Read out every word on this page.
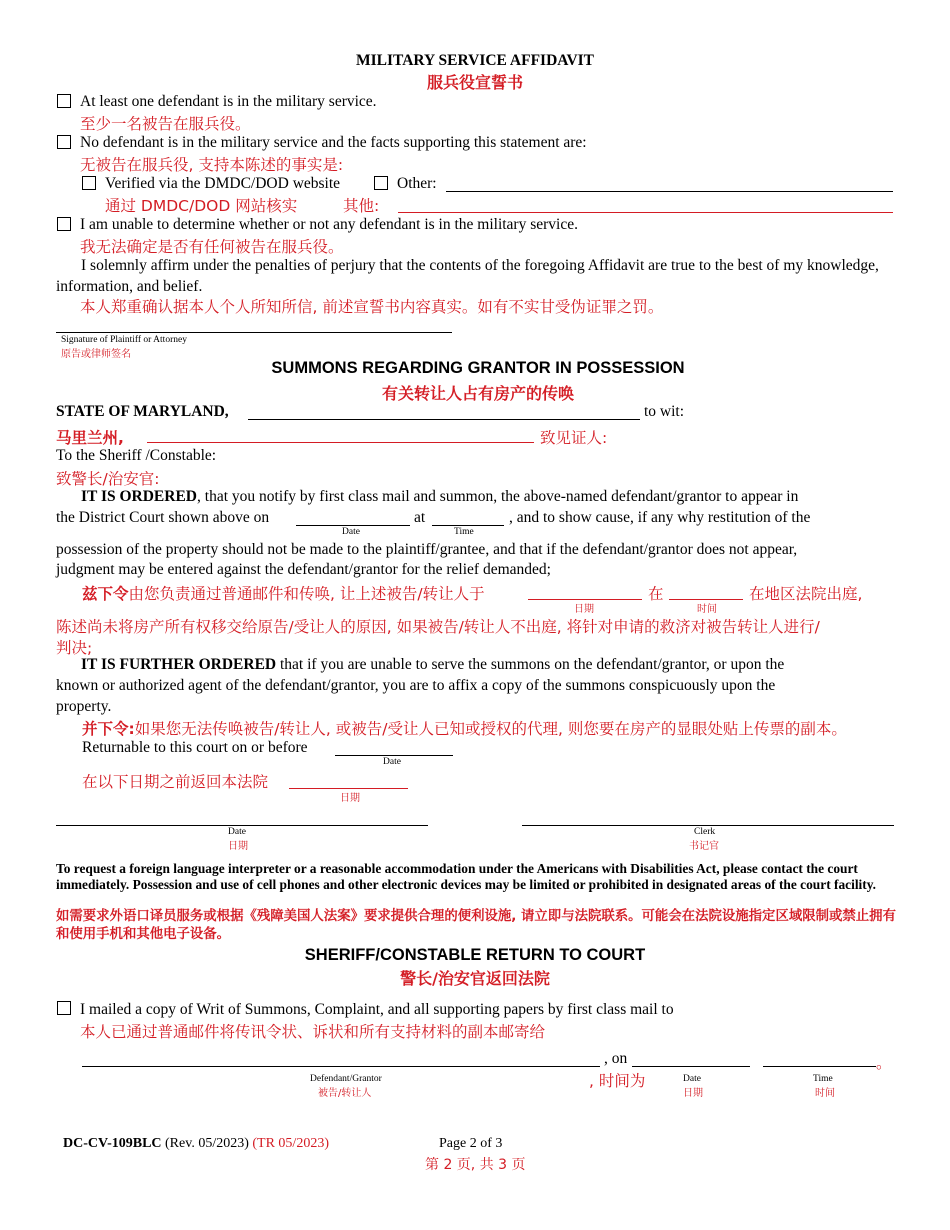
MILITARY SERVICE AFFIDAVIT
服兵役宣誓书
At least one defendant is in the military service.
至少一名被告在服兵役。
No defendant is in the military service and the facts supporting this statement are:
无被告在服兵役, 支持本陈述的事实是:
Verified via the DMDC/DOD website	Other:
通过 DMDC/DOD 网站核实	其他:
I am unable to determine whether or not any defendant is in the military service.
我无法确定是否有任何被告在服兵役。
I solemnly affirm under the penalties of perjury that the contents of the foregoing Affidavit are true to the best of my knowledge, information, and belief.
本人郑重确认据本人个人所知所信, 前述宣誓书内容真实。如有不实甘受伪证罪之罚。
Signature of Plaintiff or Attorney
原告或律师签名
SUMMONS REGARDING GRANTOR IN POSSESSION
有关转让人占有房产的传唤
STATE OF MARYLAND,	to wit:
马里兰州,	致见证人:
To the Sheriff /Constable:
致警长/治安官:
IT IS ORDERED, that you notify by first class mail and summon, the above-named defendant/grantor to appear in
the District Court shown above on
Date
at
Time
, and to show cause, if any why restitution of the
possession of the property should not be made to the plaintiff/grantee, and that if the defendant/grantor does not appear,
judgment may be entered against the defendant/grantor for the relief demanded;
兹下令由您负责通过普通邮件和传唤, 让上述被告/转让人于
日期
在
时间
在地区法院出庭,
陈述尚未将房产所有权移交给原告/受让人的原因, 如果被告/转让人不出庭, 将针对申请的救济对被告转让人进行/
判决;
IT IS FURTHER ORDERED that if you are unable to serve the summons on the defendant/grantor, or upon the
known or authorized agent of the defendant/grantor, you are to affix a copy of the summons conspicuously upon the
property.
并下令:如果您无法传唤被告/转让人, 或被告/受让人已知或授权的代理, 则您要在房产的显眼处贴上传票的副本。
Returnable to this court on or before
Date
在以下日期之前返回本法院
日期
Date
日期
Clerk
书记官
To request a foreign language interpreter or a reasonable accommodation under the Americans with Disabilities Act, please contact the court immediately. Possession and use of cell phones and other electronic devices may be limited or prohibited in designated areas of the court facility.
如需要求外语口译员服务或根据《残障美国人法案》要求提供合理的便利设施, 请立即与法院联系。可能会在法院设施指定区域限制或禁止拥有和使用手机和其他电子设备。
SHERIFF/CONSTABLE RETURN TO COURT
警长/治安官返回法院
I mailed a copy of Writ of Summons, Complaint, and all supporting papers by first class mail to
本人已通过普通邮件将传讯令状、诉状和所有支持材料的副本邮寄给
, on	。
Defendant/Grantor
被告/转让人
, 时间为	Date
日期
Time
时间
DC-CV-109BLC (Rev. 05/2023) (TR 05/2023)	Page 2 of 3
第 2 页, 共 3 页
